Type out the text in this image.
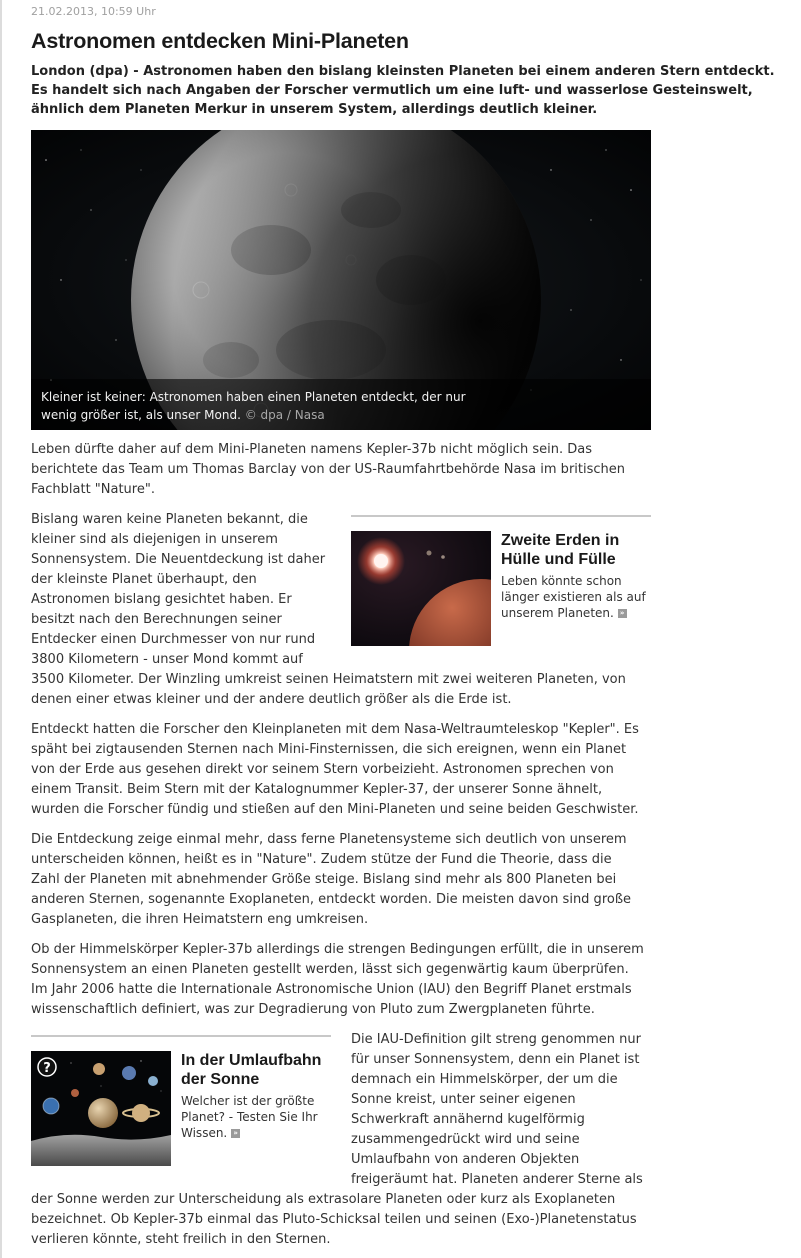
21.02.2013, 10:59 Uhr
Astronomen entdecken Mini-Planeten

London (dpa) - Astronomen haben den bislang kleinsten Planeten bei einem anderen Stern entdeckt. Es handelt sich nach Angaben der Forscher vermutlich um eine luft- und wasserlose Gesteinswelt, ähnlich dem Planeten Merkur in unserem System, allerdings deutlich kleiner.

Kleiner ist keiner: Astronomen haben einen Planeten entdeckt, der nur wenig größer ist, als unser Mond. © dpa / Nasa

Leben dürfte daher auf dem Mini-Planeten namens Kepler-37b nicht möglich sein. Das
berichtete das Team um Thomas Barclay von der US-Raumfahrtbehörde Nasa im britischen
Fachblatt "Nature".

Bislang waren keine Planeten bekannt, die
kleiner sind als diejenigen in unserem
Sonnensystem. Die Neuentdeckung ist daher
der kleinste Planet überhaupt, den
Astronomen bislang gesichtet haben. Er
besitzt nach den Berechnungen seiner
Entdecker einen Durchmesser von nur rund
3800 Kilometern - unser Mond kommt auf
3500 Kilometer. Der Winzling umkreist seinen Heimatstern mit zwei weiteren Planeten, von
denen einer etwas kleiner und der andere deutlich größer als die Erde ist.

Zweite Erden in Hülle und Fülle

Leben könnte schon länger existieren als auf unserem Planeten. »

Entdeckt hatten die Forscher den Kleinplaneten mit dem Nasa-Weltraumteleskop "Kepler". Es
späht bei zigtausenden Sternen nach Mini-Finsternissen, die sich ereignen, wenn ein Planet
von der Erde aus gesehen direkt vor seinem Stern vorbeizieht. Astronomen sprechen von
einem Transit. Beim Stern mit der Katalognummer Kepler-37, der unserer Sonne ähnelt,
wurden die Forscher fündig und stießen auf den Mini-Planeten und seine beiden Geschwister.

Die Entdeckung zeige einmal mehr, dass ferne Planetensysteme sich deutlich von unserem
unterscheiden können, heißt es in "Nature". Zudem stütze der Fund die Theorie, dass die
Zahl der Planeten mit abnehmender Größe steige. Bislang sind mehr als 800 Planeten bei
anderen Sternen, sogenannte Exoplaneten, entdeckt worden. Die meisten davon sind große
Gasplaneten, die ihren Heimatstern eng umkreisen.

Ob der Himmelskörper Kepler-37b allerdings die strengen Bedingungen erfüllt, die in unserem
Sonnensystem an einen Planeten gestellt werden, lässt sich gegenwärtig kaum überprüfen.
Im Jahr 2006 hatte die Internationale Astronomische Union (IAU) den Begriff Planet erstmals
wissenschaftlich definiert, was zur Degradierung von Pluto zum Zwergplaneten führte.

?	In der Umlaufbahn der Sonne

Welcher ist der größte Planet? - Testen Sie Ihr Wissen. »

Die IAU-Definition gilt streng genommen nur
für unser Sonnensystem, denn ein Planet ist
demnach ein Himmelskörper, der um die
Sonne kreist, unter seiner eigenen
Schwerkraft annähernd kugelförmig
zusammengedrückt wird und seine
Umlaufbahn von anderen Objekten
freigeräumt hat. Planeten anderer Sterne als
der Sonne werden zur Unterscheidung als extrasolare Planeten oder kurz als Exoplaneten
bezeichnet. Ob Kepler-37b einmal das Pluto-Schicksal teilen und seinen (Exo-)Planetenstatus
verlieren könnte, steht freilich in den Sternen.
